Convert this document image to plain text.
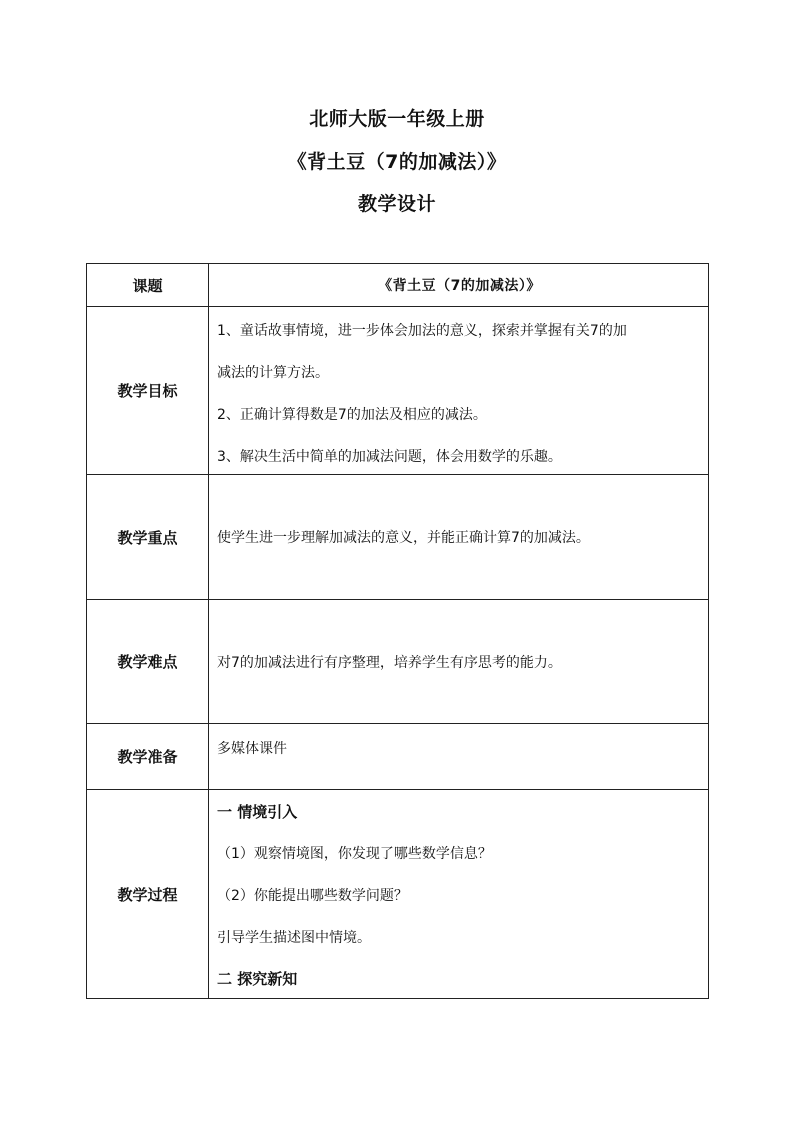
北师大版一年级上册
《背土豆（7的加减法）》
教学设计
课题	《背土豆（7的加减法）》
教学目标	1、童话故事情境，进一步体会加法的意义，探索并掌握有关7的加
减法的计算方法。
2、正确计算得数是7的加法及相应的减法。
3、解决生活中简单的加减法问题，体会用数学的乐趣。

教学重点	使学生进一步理解加减法的意义，并能正确计算7的加减法。
教学难点	对7的加减法进行有序整理，培养学生有序思考的能力。
教学准备	多媒体课件
教学过程	一 情境引入
（1）观察情境图，你发现了哪些数学信息？
（2）你能提出哪些数学问题？
引导学生描述图中情境。
二 探究新知
